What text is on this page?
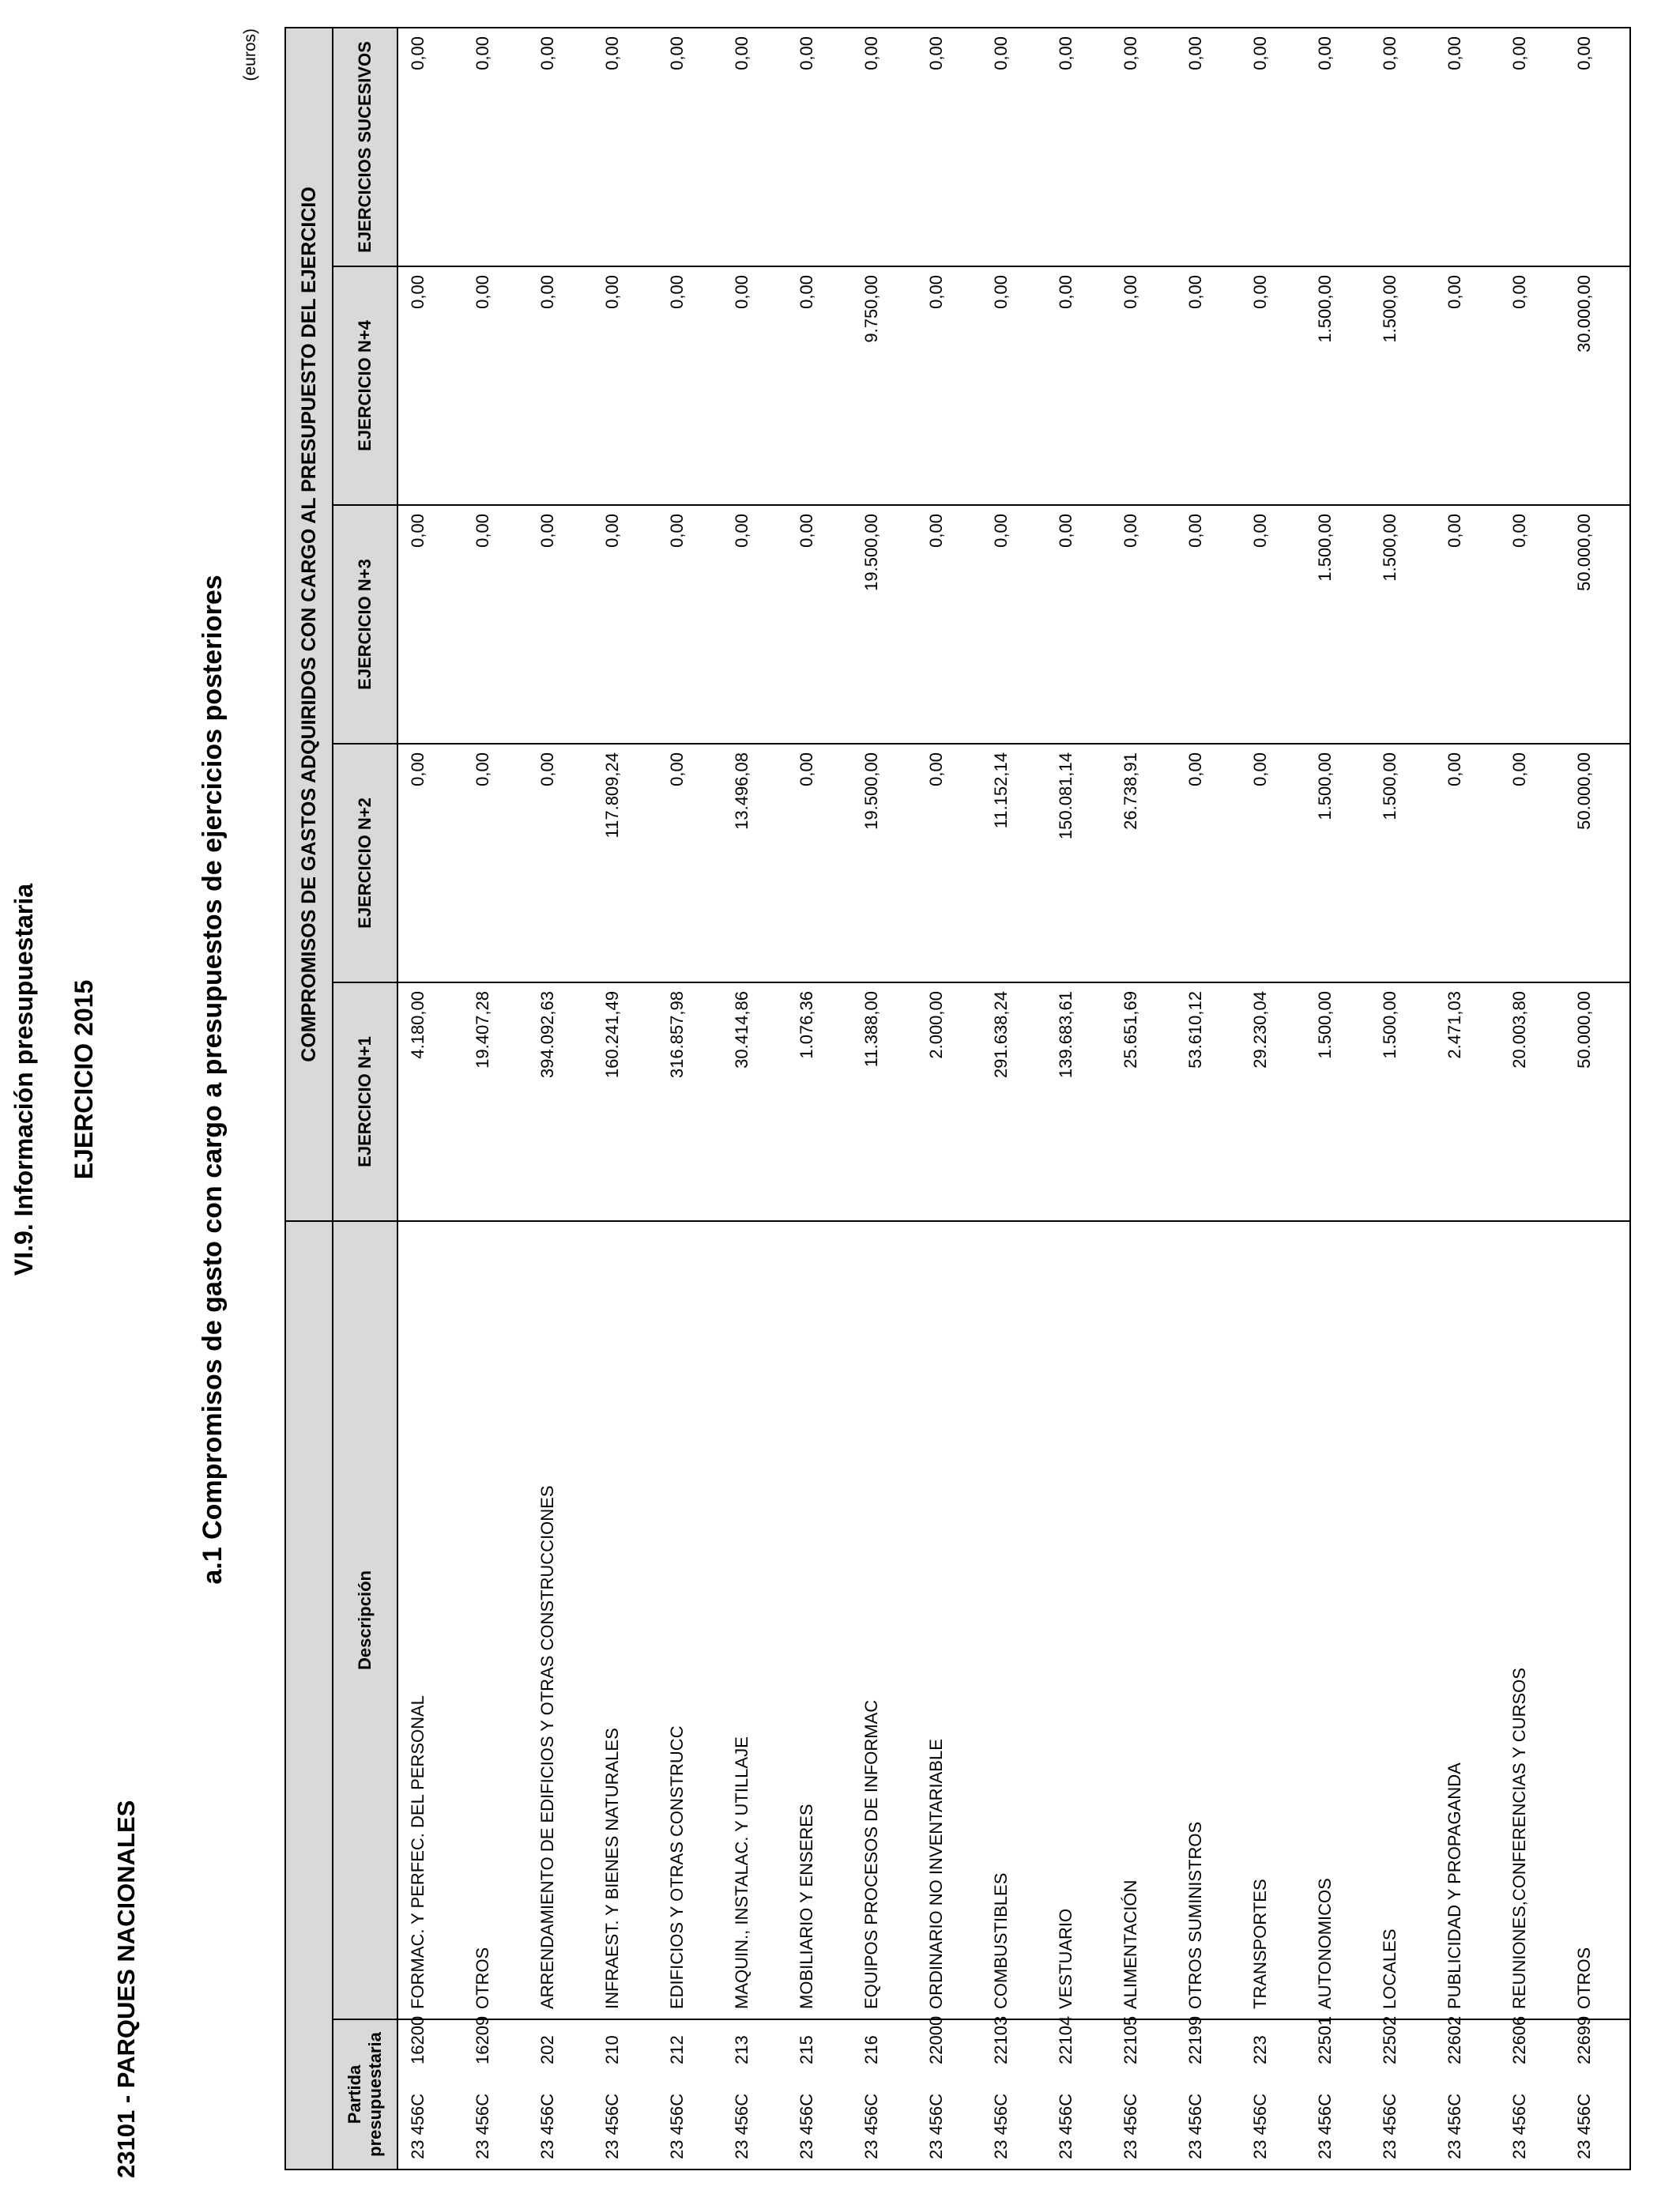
VI.9. Información presupuestaria EJERCICIO 2015
23101 - PARQUES NACIONALES
a.1 Compromisos de gasto con cargo a presupuestos de ejercicios posteriores
(euros)
		COMPROMISOS DE GASTOS ADQUIRIDOS CON CARGO AL PRESUPUESTO DEL EJERCICIO				
Partida presupuestaria	Descripción	EJERCICIO N+1	EJERCICIO N+2	EJERCICIO N+3	EJERCICIO N+4	EJERCICIOS SUCESIVOS
23 456C16200	FORMAC. Y PERFEC. DEL PERSONAL	4.180,00	0,00	0,00	0,00	0,00
23 456C16209	OTROS	19.407,28	0,00	0,00	0,00	0,00
23 456C202	ARRENDAMIENTO DE EDIFICIOS Y OTRAS CONSTRUCCIONES	394.092,63	0,00	0,00	0,00	0,00
23 456C210	INFRAEST. Y BIENES NATURALES	160.241,49	117.809,24	0,00	0,00	0,00
23 456C212	EDIFICIOS Y OTRAS CONSTRUCC	316.857,98	0,00	0,00	0,00	0,00
23 456C213	MAQUIN., INSTALAC. Y UTILLAJE	30.414,86	13.496,08	0,00	0,00	0,00
23 456C215	MOBILIARIO Y ENSERES	1.076,36	0,00	0,00	0,00	0,00
23 456C216	EQUIPOS PROCESOS DE INFORMAC	11.388,00	19.500,00	19.500,00	9.750,00	0,00
23 456C22000	ORDINARIO NO INVENTARIABLE	2.000,00	0,00	0,00	0,00	0,00
23 456C22103	COMBUSTIBLES	291.638,24	11.152,14	0,00	0,00	0,00
23 456C22104	VESTUARIO	139.683,61	150.081,14	0,00	0,00	0,00
23 456C22105	ALIMENTACIÓN	25.651,69	26.738,91	0,00	0,00	0,00
23 456C22199	OTROS SUMINISTROS	53.610,12	0,00	0,00	0,00	0,00
23 456C223	TRANSPORTES	29.230,04	0,00	0,00	0,00	0,00
23 456C22501	AUTONOMICOS	1.500,00	1.500,00	1.500,00	1.500,00	0,00
23 456C22502	LOCALES	1.500,00	1.500,00	1.500,00	1.500,00	0,00
23 456C22602	PUBLICIDAD Y PROPAGANDA	2.471,03	0,00	0,00	0,00	0,00
23 456C22606	REUNIONES,CONFERENCIAS Y CURSOS	20.003,80	0,00	0,00	0,00	0,00
23 456C22699	OTROS	50.000,00	50.000,00	50.000,00	30.000,00	0,00
